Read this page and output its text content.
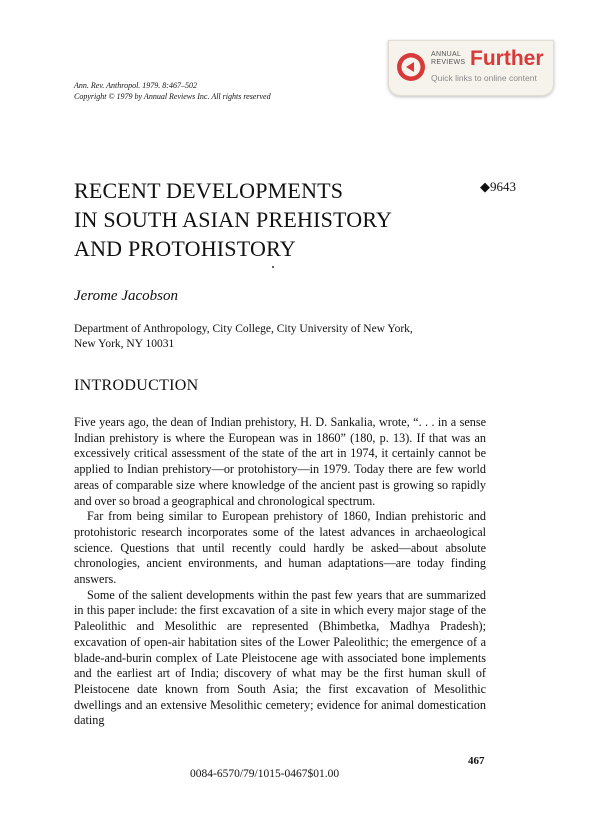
ANNUAL
REVIEWS Further
Quick links to online content
Ann. Rev. Anthropol. 1979. 8:467–502
Copyright © 1979 by Annual Reviews Inc. All rights reserved
RECENT DEVELOPMENTS
IN SOUTH ASIAN PREHISTORY
AND PROTOHISTORY
◆9643
Jerome Jacobson
Department of Anthropology, City College, City University of New York,
New York, NY 10031
INTRODUCTION

Five years ago, the dean of Indian prehistory, H. D. Sankalia, wrote, “. . . in a sense Indian prehistory is where the European was in 1860” (180, p. 13). If that was an excessively critical assessment of the state of the art in 1974, it certainly cannot be applied to Indian prehistory—or protohistory—in 1979. Today there are few world areas of comparable size where knowledge of the ancient past is growing so rapidly and over so broad a geographical and chronological spectrum.

Far from being similar to European prehistory of 1860, Indian prehistoric and protohistoric research incorporates some of the latest advances in archaeological science. Questions that until recently could hardly be asked—about absolute chronologies, ancient environments, and human adaptations—are today finding answers.

Some of the salient developments within the past few years that are summarized in this paper include: the first excavation of a site in which every major stage of the Paleolithic and Mesolithic are represented (Bhimbetka, Madhya Pradesh); excavation of open-air habitation sites of the Lower Paleolithic; the emergence of a blade-and-burin complex of Late Pleistocene age with associated bone implements and the earliest art of India; discovery of what may be the first human skull of Pleistocene date known from South Asia; the first excavation of Mesolithic dwellings and an extensive Mesolithic cemetery; evidence for animal domestication dating

467
0084-6570/79/1015-0467$01.00
